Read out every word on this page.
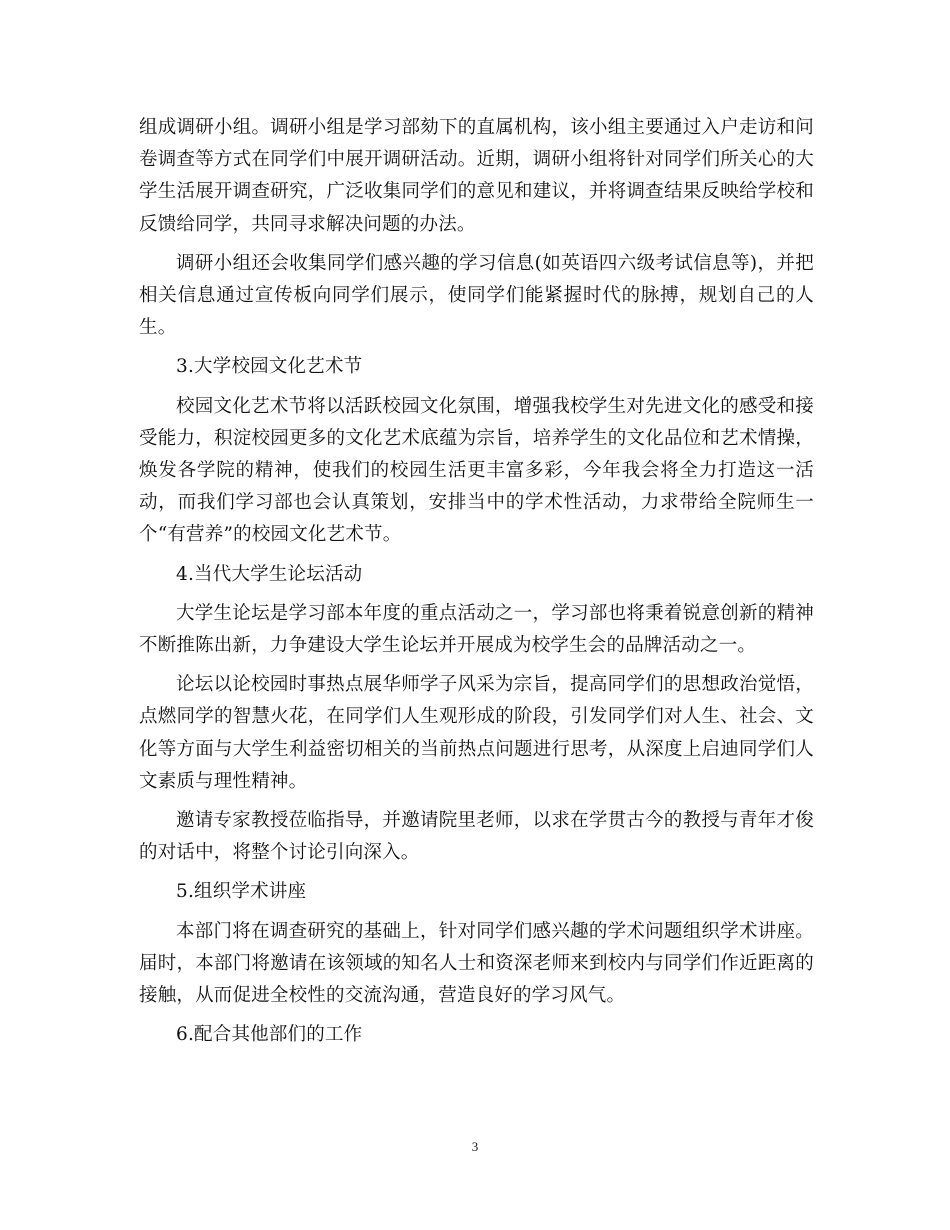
组成调研小组。调研小组是学习部劾下的直属机构，该小组主要通过入户走访和问卷调查等方式在同学们中展开调研活动。近期，调研小组将针对同学们所关心的大学生活展开调查研究，广泛收集同学们的意见和建议，并将调查结果反映给学校和反馈给同学，共同寻求解决问题的办法。

调研小组还会收集同学们感兴趣的学习信息(如英语四六级考试信息等)，并把相关信息通过宣传板向同学们展示，使同学们能紧握时代的脉搏，规划自己的人生。

3.大学校园文化艺术节

校园文化艺术节将以活跃校园文化氛围，增强我校学生对先进文化的感受和接受能力，积淀校园更多的文化艺术底蕴为宗旨，培养学生的文化品位和艺术情操，焕发各学院的精神，使我们的校园生活更丰富多彩，今年我会将全力打造这一活动，而我们学习部也会认真策划，安排当中的学术性活动，力求带给全院师生一个“有营养”的校园文化艺术节。

4.当代大学生论坛活动

大学生论坛是学习部本年度的重点活动之一，学习部也将秉着锐意创新的精神不断推陈出新，力争建设大学生论坛并开展成为校学生会的品牌活动之一。

论坛以论校园时事热点展华师学子风采为宗旨，提高同学们的思想政治觉悟，点燃同学的智慧火花，在同学们人生观形成的阶段，引发同学们对人生、社会、文化等方面与大学生利益密切相关的当前热点问题进行思考，从深度上启迪同学们人文素质与理性精神。

邀请专家教授莅临指导，并邀请院里老师，以求在学贯古今的教授与青年才俊的对话中，将整个讨论引向深入。

5.组织学术讲座

本部门将在调查研究的基础上，针对同学们感兴趣的学术问题组织学术讲座。届时，本部门将邀请在该领域的知名人士和资深老师来到校内与同学们作近距离的接触，从而促进全校性的交流沟通，营造良好的学习风气。

6.配合其他部们的工作

3
